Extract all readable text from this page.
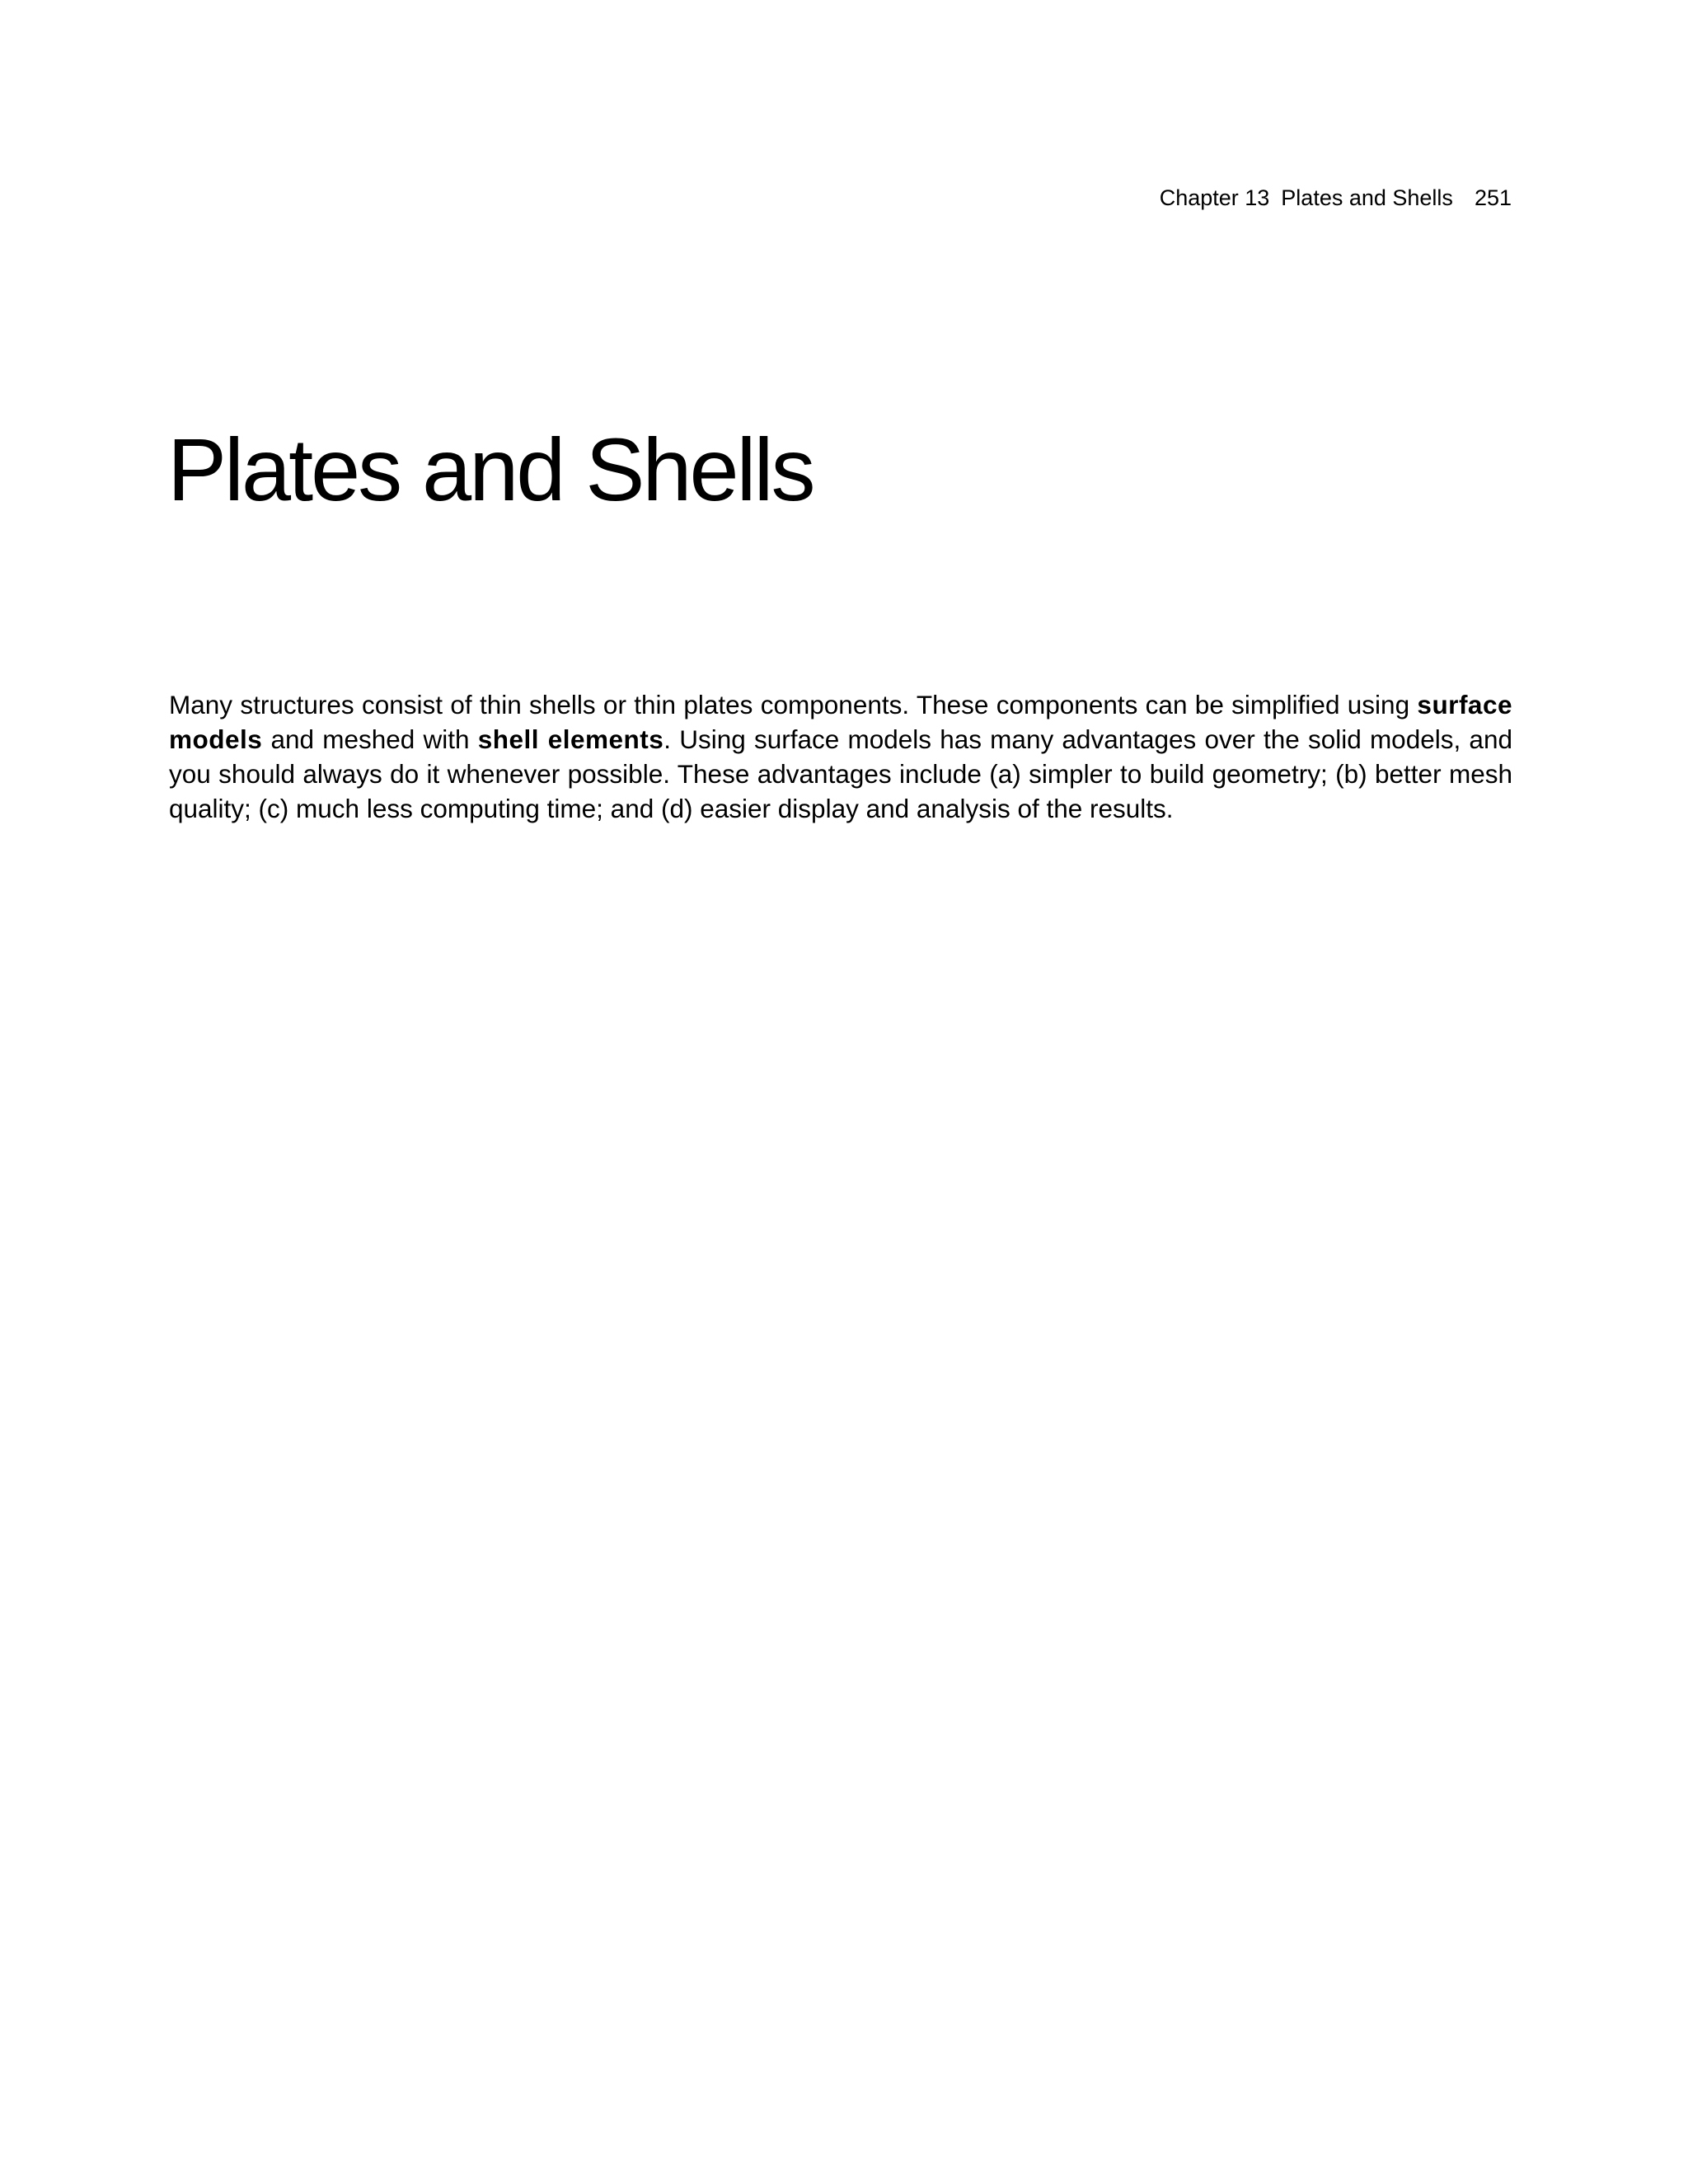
Chapter 13 Plates and Shells 251
Plates and Shells

Many structures consist of thin shells or thin plates components. These components can be simplified using surface models and meshed with shell elements. Using surface models has many advantages over the solid models, and you should always do it whenever possible. These advantages include (a) simpler to build geometry; (b) better mesh quality; (c) much less computing time; and (d) easier display and analysis of the results.
